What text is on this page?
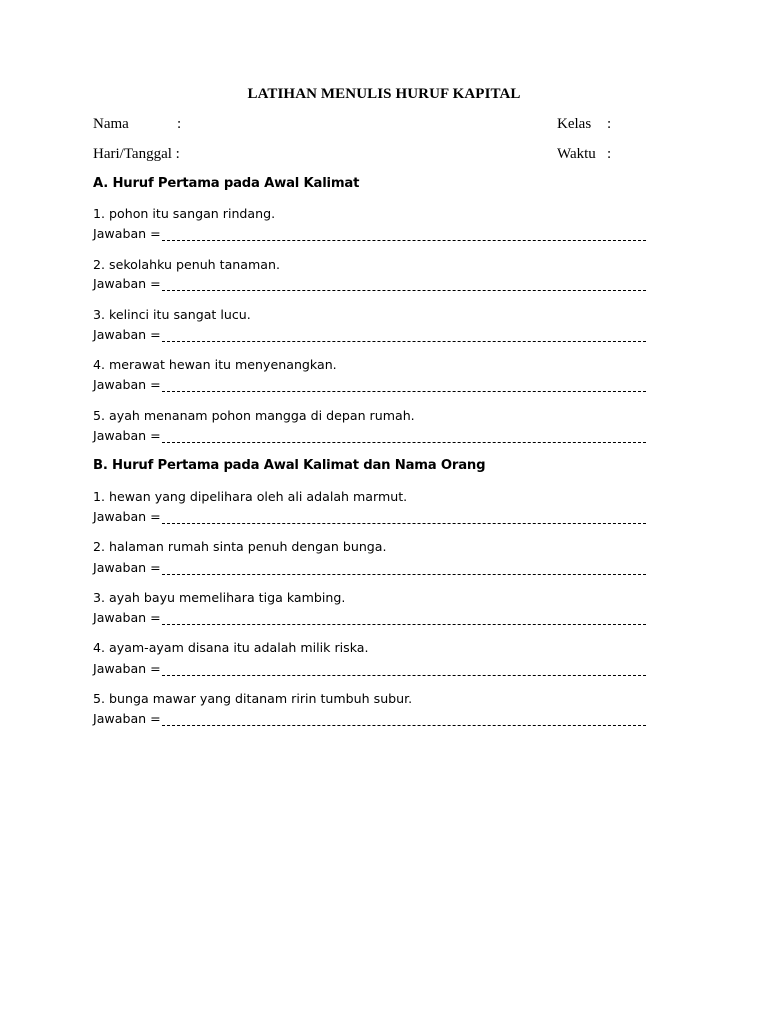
LATIHAN MENULIS HURUF KAPITAL
Nama	:	Kelas :
Hari/Tanggal :	Waktu :
A. Huruf Pertama pada Awal Kalimat
1. pohon itu sangan rindang.
Jawaban =
2. sekolahku penuh tanaman.
Jawaban =
3. kelinci itu sangat lucu.
Jawaban =
4. merawat hewan itu menyenangkan.
Jawaban =
5. ayah menanam pohon mangga di depan rumah.
Jawaban =
B. Huruf Pertama pada Awal Kalimat dan Nama Orang
1. hewan yang dipelihara oleh ali adalah marmut.
Jawaban =
2. halaman rumah sinta penuh dengan bunga.
Jawaban =
3. ayah bayu memelihara tiga kambing.
Jawaban =
4. ayam-ayam disana itu adalah milik riska.
Jawaban =
5. bunga mawar yang ditanam ririn tumbuh subur.
Jawaban =
